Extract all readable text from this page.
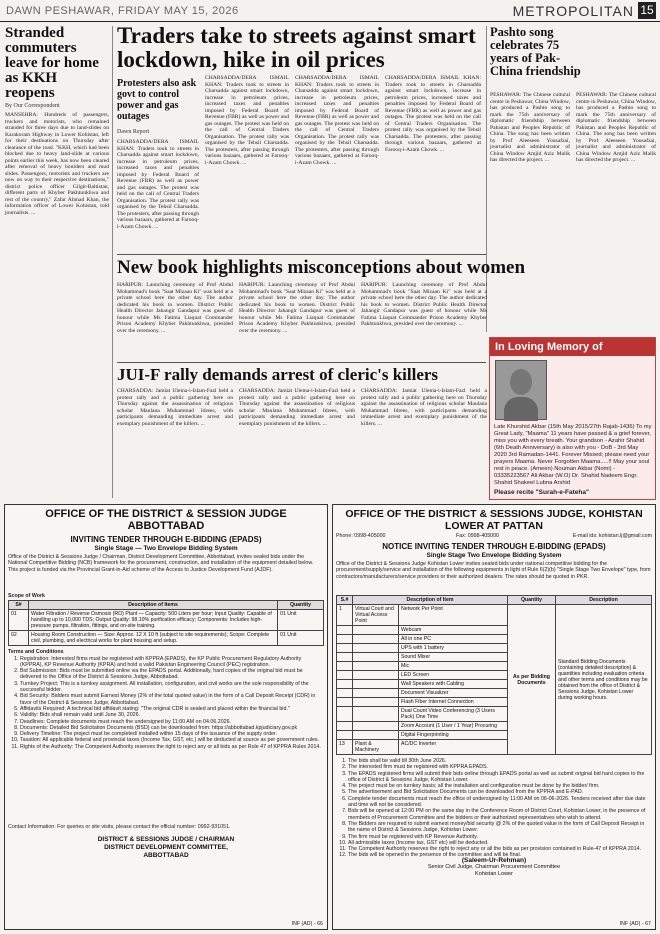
DAWN PESHAWAR, FRIDAY MAY 15, 2026	METROPOLITAN 15
Stranded commuters leave for home as KKH reopens
By Our Correspondent
MANSEHRA: Hundreds of passengers, truckers and motorists, who remained stranded for three days due to land-slides on Karakoram Highway in Lower Kohistan, left for their destinations on Thursday after clearance of the road. "KKH, which had been blocked due to heavy land-slide at various points earlier this week, has now been cleared after removal of heavy boulders and mud slides. Passengers, motorists and truckers are now on way to their respective destinations," district police officer Gilgit-Baltistan, different parts of Khyber Pakhtunkhwa and rest of the country," Zafar Ahmad Khan, the information officer of Lower Kohistan, told journalists. ...
Traders take to streets against smart lockdown, hike in oil prices
Protesters also ask govt to control power and gas outages
Dawn Report
CHARSADDA/DERA ISMAIL KHAN: Traders took to streets in Charsadda against smart lockdown, increase in petroleum prices, increased taxes and penalties imposed by Federal Board of Revenue (FBR) as well as power and gas outages. The protest was held on the call of Central Traders Organisation. The protest rally was organised by the Tehsil Charsadda. The protesters, after passing through various bazaars, gathered at Farooq-i-Azam Chowk. ...
CHARSADDA/DERA ISMAIL KHAN: Traders took to streets in Charsadda against smart lockdown, increase in petroleum prices, increased taxes and penalties imposed by Federal Board of Revenue (FBR) as well as power and gas outages. The protest was held on the call of Central Traders Organisation. The protest rally was organised by the Tehsil Charsadda. The protesters, after passing through various bazaars, gathered at Farooq-i-Azam Chowk. ...
CHARSADDA/DERA ISMAIL KHAN: Traders took to streets in Charsadda against smart lockdown, increase in petroleum prices, increased taxes and penalties imposed by Federal Board of Revenue (FBR) as well as power and gas outages. The protest was held on the call of Central Traders Organisation. The protest rally was organised by the Tehsil Charsadda. The protesters, after passing through various bazaars, gathered at Farooq-i-Azam Chowk. ...
CHARSADDA/DERA ISMAIL KHAN: Traders took to streets in Charsadda against smart lockdown, increase in petroleum prices, increased taxes and penalties imposed by Federal Board of Revenue (FBR) as well as power and gas outages. The protest was held on the call of Central Traders Organisation. The protest rally was organised by the Tehsil Charsadda. The protesters, after passing through various bazaars, gathered at Farooq-i-Azam Chowk. ...
Pashto song celebrates 75 years of Pak-China friendship
PESHAWAR: The Chinese cultural centre in Peshawar, China Window, has produced a Pashto song to mark the 75th anniversary of diplomatic friendship between Pakistan and Peoples Republic of China. The song has been written by Prof Aleeseen Yousafzai, journalist and administrator of China Window Amjid Aziz Malik has directed the project. ...
PESHAWAR: The Chinese cultural centre in Peshawar, China Window, has produced a Pashto song to mark the 75th anniversary of diplomatic friendship between Pakistan and Peoples Republic of China. The song has been written by Prof Aleeseen Yousafzai, journalist and administrator of China Window Amjid Aziz Malik has directed the project. ...
New book highlights misconceptions about women
HARIPUR: Launching ceremony of Prof Abdul Mohammad's book "Saat Mizaan Ki" was held at a private school here the other day. The author dedicated his book to women. District Public Health Director Jahangir Gandapur was guest of honour while Ms Fatima Liaquat Commander Prison Academy Khyber Pakhtunkhwa, presided over the ceremony. ...
HARIPUR: Launching ceremony of Prof Abdul Mohammad's book "Saat Mizaan Ki" was held at a private school here the other day. The author dedicated his book to women. District Public Health Director Jahangir Gandapur was guest of honour while Ms Fatima Liaquat Commander Prison Academy Khyber Pakhtunkhwa, presided over the ceremony. ...
HARIPUR: Launching ceremony of Prof Abdul Mohammad's book "Saat Mizaan Ki" was held at a private school here the other day. The author dedicated his book to women. District Public Health Director Jahangir Gandapur was guest of honour while Ms Fatima Liaquat Commander Prison Academy Khyber Pakhtunkhwa, presided over the ceremony. ...
JUI-F rally demands arrest of cleric's killers
CHARSADDA: Jamiat Ulema-i-Islam-Fazl held a protest rally and a public gathering here on Thursday against the assassination of religious scholar Maulana Muhammad Idrees, with participants demanding immediate arrest and exemplary punishment of the killers. ...
CHARSADDA: Jamiat Ulema-i-Islam-Fazl held a protest rally and a public gathering here on Thursday against the assassination of religious scholar Maulana Muhammad Idrees, with participants demanding immediate arrest and exemplary punishment of the killers. ...
CHARSADDA: Jamiat Ulema-i-Islam-Fazl held a protest rally and a public gathering here on Thursday against the assassination of religious scholar Maulana Muhammad Idrees, with participants demanding immediate arrest and exemplary punishment of the killers. ...
In Loving Memory of
Late Khurshid Akbar (15th May 2015/27th Rajab-1436) To my Great Lady, "Maama" 11 years have passed & a grief forever, miss you with every breath. Your grandson - Azahir Shahid (6th Death Anniversary) is also with you - DoB - 3rd May 2020 3rd Ramadan-1441. Forever Missed; please need your prayers Maama. Never Forgotten Maama.....!! May your soul rest in peace. (Ameen) Nouman Akbar (Nomi) - 03335223567 Ali Akbar (W.O) Dr. Shahid Nadeem Engr. Shahid Shakeel Lubna Arshid
Please recite "Surah-e-Fateha"
OFFICE OF THE DISTRICT & SESSION JUDGE ABBOTTABAD
INVITING TENDER THROUGH E-BIDDING (EPADS)
Single Stage — Two Envelope Bidding System
Office of the District & Sessions Judge / Chairman, District Development Committee, Abbottabad, invites sealed bids under the National Competitive Bidding (NCB) framework for the procurement, construction, and installation of the equipment detailed below. This project is funded via the Provincial Grant-in-Aid scheme of the Access to Justice Development Fund (AJDF).
Scope of Work
S#	Description of Items	Quantity
01	Water Filtration / Reverse Osmosis (RO) Plant — Capacity: 500 Liters per hour; Input Quality: Capable of handling up to 10,000 TDS; Output Quality: 98.10% purification efficacy; Components: Includes high-pressure pumps, filtration, fittings, and on-site training.	01 Unit
02	Housing Room Construction — Size: Approx. 12 X 10 ft (subject to site requirements); Scope: Complete civil, plumbing, and electrical works for plant housing and setup.	01 Unit
Terms and Conditions
1. Registration: Interested firms must be registered with KPPRA (EPADS), the KP Public Procurement Regulatory Authority (KPPRA), KP Revenue Authority (KPRA) and hold a valid Pakistan Engineering Council (PEC) registration.
2. Bid Submission: Bids must be submitted online via the EPADS portal. Additionally, hard copies of the original bid must be delivered to the Office of the District & Sessions Judge, Abbottabad.
3. Turnkey Project: This is a turnkey assignment. All installation, configuration, and civil works are the sole responsibility of the successful bidder.
4. Bid Security: Bidders must submit Earnest Money (2% of the total quoted value) in the form of a Call Deposit Receipt (CDR) in favor of the District & Sessions Judge, Abbottabad.
5. Affidavits Required: A technical bid affidavit stating: "The original CDR is sealed and placed within the financial bid."
6. Validity: Bids shall remain valid until June 30, 2026.
7. Deadlines: Complete documents must reach the undersigned by 11:00 AM on 04.06.2026.
8. Documents: Detailed Bid Solicitation Documents (BSD) can be downloaded from: https://abbottabad.kpjudiciary.gov.pk
9. Delivery Timeline: The project must be completed/ installed within 15 days of the issuance of the supply order.
10. Taxation: All applicable federal and provincial taxes (Income Tax, GST, etc.) will be deducted at source as per government rules.
11. Rights of the Authority: The Competent Authority reserves the right to reject any or all bids as per Rule 47 of KPPRA Rules 2014.
Contact Information: For queries or site visits, please contact the official number: 0992-931051.
DISTRICT & SESSIONS JUDGE / CHAIRMAN DISTRICT DEVELOPMENT COMMITTEE, ABBOTTABAD
INF (AD) - 66
OFFICE OF THE DISTRICT & SESSIONS JUDGE, KOHISTAN LOWER AT PATTAN
Phone: 0998-405000	Fax: 0998-405000	E-mail ids: kohistan.lj@gmail.com
NOTICE INVITING TENDER THROUGH E-BIDDING (EPADS)
Single Stage Two Envelope Bidding System
Office of the District & Sessions Judge Kohistan Lower invites sealed bids under national competitive bidding for the procurement/supply/service and installation of the following equipments in light of Rule 6(2)(b) "Single Stage Two Envelope" type, from contractors/manufacturers/service providers or their authorized dealers. The rates should be quoted in PKR.
S.#	Description of Item		Quantity	Description
1	Virtual Court and Virtual Access Point	Network Per Point	As per Bidding Documents	Standard Bidding Documents (containing detailed description) & quantities including evaluation criteria and other terms and conditions may be obtained from the office of District & Sessions Judge, Kohistan Lower during working hours.
		Webcam		
		All in one PC		
		UPS with 1 battery		
		Sound Mixer		
		Mic		
		LED Screen		
		Wall Speakers with Cabling		
		Document Visualizer		
		Flash Fiber Internet Connection		
		Dual Count Video Conferencing (3 Users Pack) One Time		
		Zoom Account (1 User / 1 Year) Procuring		
		Digital Fingerprinting		
13	Plant & Machinery	AC/DC Inverter		
1. The bids shall be valid till 30th June 2026.
2. The interested firm must be registered with KPPRA EPADS.
3. The EPADS registered firms will submit their bids online through EPADS portal as well as submit original bid hard copies to the office of District & Sessions Judge, Kohistan Lower.
4. The project must be on turnkey basis; all the installation and configuration must be done by the bidder/ firm.
5. The advertisement and Bid Solicitation Documents can be downloaded from the KPPRA and E-PAD.
6. Complete tender documents must reach the office of undersigned by 11:00 AM on 06-06-2026. Tenders received after due date and time will not be considered.
7. Bids will be opened at 12:00 PM on the same day in the Conference Room of District Court, Kohistan Lower, in the presence of members of Procurement Committee and the bidders or their authorized representatives who wish to attend.
8. The Bidders are required to submit earnest money/bid security @ 2% of the quoted value in the form of Call Deposit Receipt in the name of District & Sessions Judge, Kohistan Lower.
9. The firm must be registered with KP Revenue Authority.
10. All admissible taxes (Income tax, GST etc) will be deducted.
11. The Competent Authority reserves the right to reject any or all the bids as per provision contained in Rule-47 of KPPRA 2014.
12. The bids will be opened in the presence of the committee and will be final.
(Saleem-Ur-Rehman)
Senior Civil Judge, Chairman Procurement Committee Kohistan Lower
INF (AD) - 67
